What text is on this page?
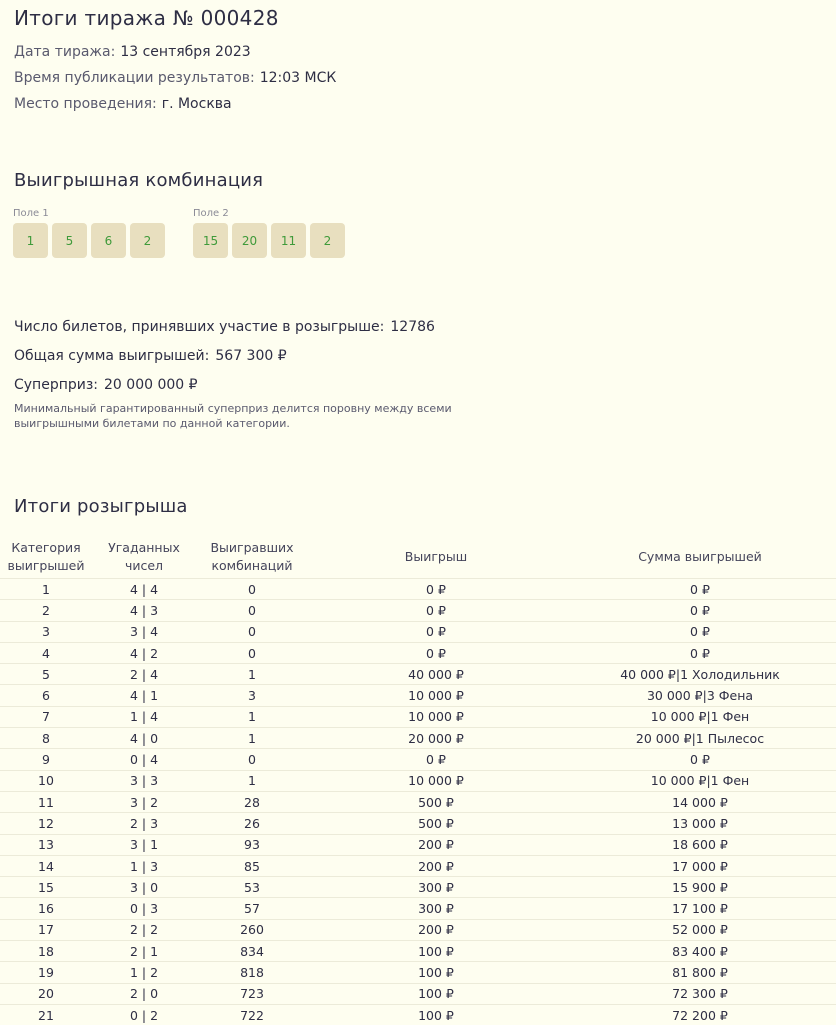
Итоги тиража № 000428
Дата тиража: 13 сентября 2023
Время публикации результатов: 12:03 МСК
Место проведения: г. Москва
Выигрышная комбинация
Поле 1
1	5	6	2
Поле 2
15	20	11	2
Число билетов, принявших участие в розыгрыше: 12786
Общая сумма выигрышей: 567 300 ₽
Суперприз: 20 000 000 ₽
Минимальный гарантированный суперприз делится поровну между всеми выигрышными билетами по данной категории.
Итоги розыгрыша
Категория выигрышей	Угаданных чисел	Выигравших комбинаций	Выигрыш	Сумма выигрышей
1	4 | 4	0	0 ₽	0 ₽
2	4 | 3	0	0 ₽	0 ₽
3	3 | 4	0	0 ₽	0 ₽
4	4 | 2	0	0 ₽	0 ₽
5	2 | 4	1	40 000 ₽	40 000 ₽|1 Холодильник
6	4 | 1	3	10 000 ₽	30 000 ₽|3 Фена
7	1 | 4	1	10 000 ₽	10 000 ₽|1 Фен
8	4 | 0	1	20 000 ₽	20 000 ₽|1 Пылесос
9	0 | 4	0	0 ₽	0 ₽
10	3 | 3	1	10 000 ₽	10 000 ₽|1 Фен
11	3 | 2	28	500 ₽	14 000 ₽
12	2 | 3	26	500 ₽	13 000 ₽
13	3 | 1	93	200 ₽	18 600 ₽
14	1 | 3	85	200 ₽	17 000 ₽
15	3 | 0	53	300 ₽	15 900 ₽
16	0 | 3	57	300 ₽	17 100 ₽
17	2 | 2	260	200 ₽	52 000 ₽
18	2 | 1	834	100 ₽	83 400 ₽
19	1 | 2	818	100 ₽	81 800 ₽
20	2 | 0	723	100 ₽	72 300 ₽
21	0 | 2	722	100 ₽	72 200 ₽
